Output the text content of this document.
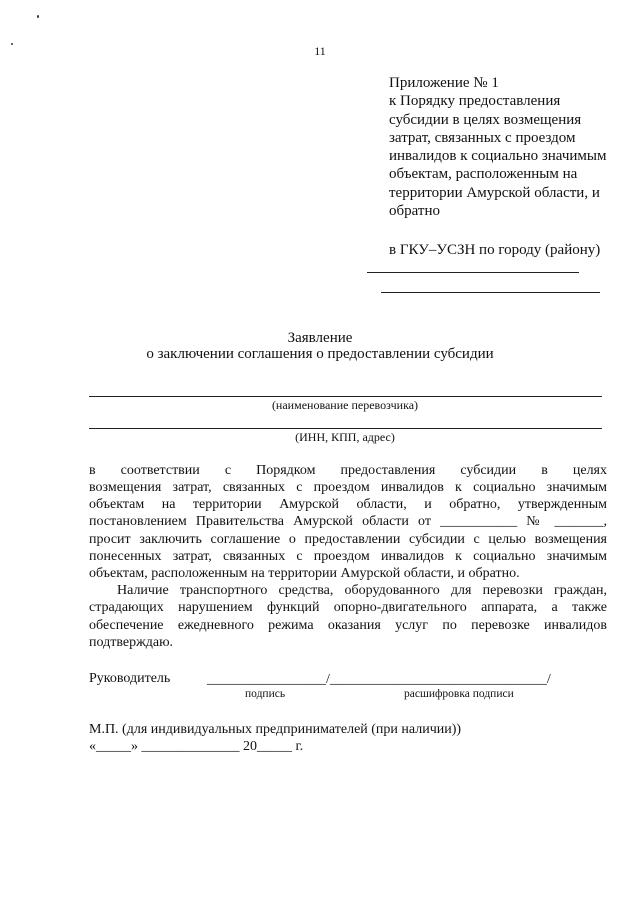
11
Приложение № 1
к Порядку предоставления
субсидии в целях возмещения
затрат, связанных с проездом
инвалидов к социально значимым
объектам, расположенным на
территории Амурской области, и
обратно
в ГКУ–УСЗН по городу (району)
Заявление
о заключении соглашения о предоставлении субсидии
(наименование перевозчика)
(ИНН, КПП, адрес)
в соответствии с Порядком предоставления субсидии в целях
возмещения затрат, связанных с проездом инвалидов к социально значимым
объектам на территории Амурской области, и обратно, утвержденным
постановлением Правительства Амурской области от ___________ № _______,
просит заключить соглашение о предоставлении субсидии с целью возмещения
понесенных затрат, связанных с проездом инвалидов к социально значимым
объектам, расположенным на территории Амурской области, и обратно.
Наличие транспортного средства, оборудованного для перевозки граждан,
страдающих нарушением функций опорно-двигательного аппарата, а также
обеспечение ежедневного режима оказания услуг по перевозке инвалидов
подтверждаю.
Руководитель	_________________/_______________________________/
подпись	расшифровка подписи
М.П. (для индивидуальных предпринимателей (при наличии))
«_____» ______________ 20_____ г.
